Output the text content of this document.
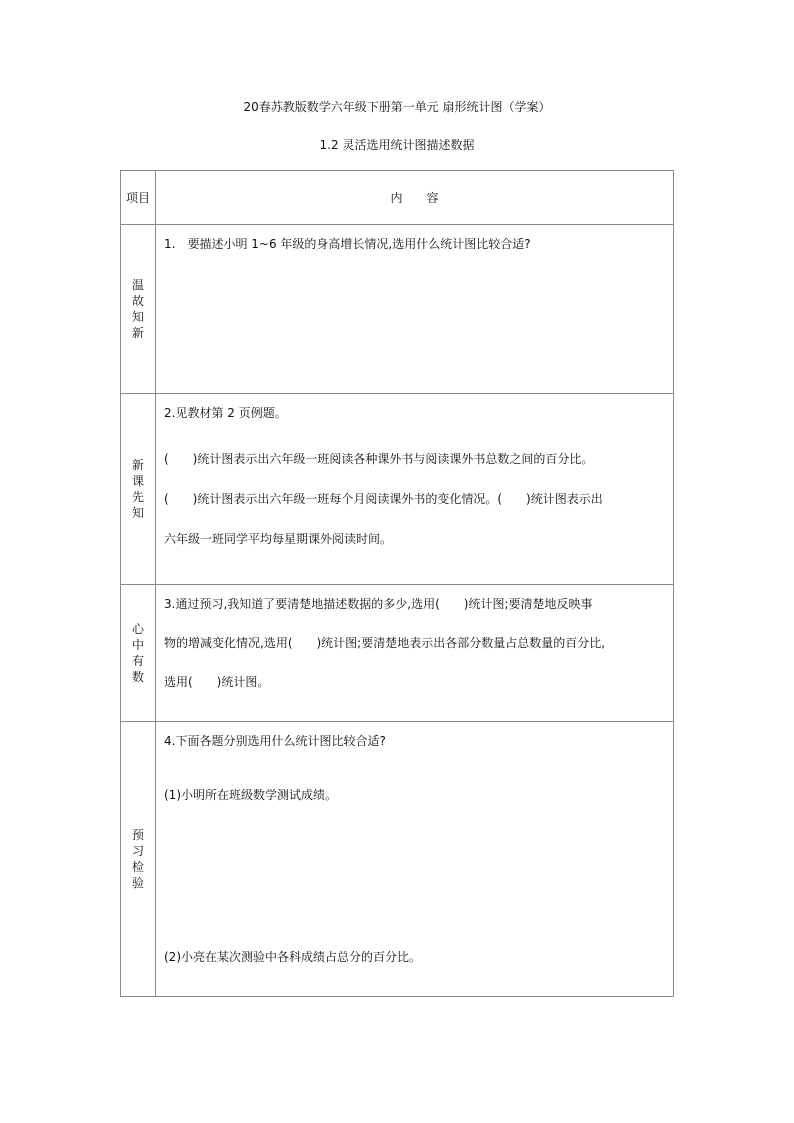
20春苏教版数学六年级下册第一单元 扇形统计图（学案）
1.2 灵活选用统计图描述数据
项目	内　　容

温故知新	1.　要描述小明 1~6 年级的身高增长情况,选用什么统计图比较合适?

新课先知	2.见教材第 2 页例题。

(　　)统计图表示出六年级一班阅读各种课外书与阅读课外书总数之间的百分比。

(　　)统计图表示出六年级一班每个月阅读课外书的变化情况。(　　)统计图表示出

六年级一班同学平均每星期课外阅读时间。

心中有数	3.通过预习,我知道了要清楚地描述数据的多少,选用(　　)统计图;要清楚地反映事

物的增减变化情况,选用(　　)统计图;要清楚地表示出各部分数量占总数量的百分比,

选用(　　)统计图。

预习检验	4.下面各题分别选用什么统计图比较合适?

(1)小明所在班级数学测试成绩。

(2)小亮在某次测验中各科成绩占总分的百分比。
